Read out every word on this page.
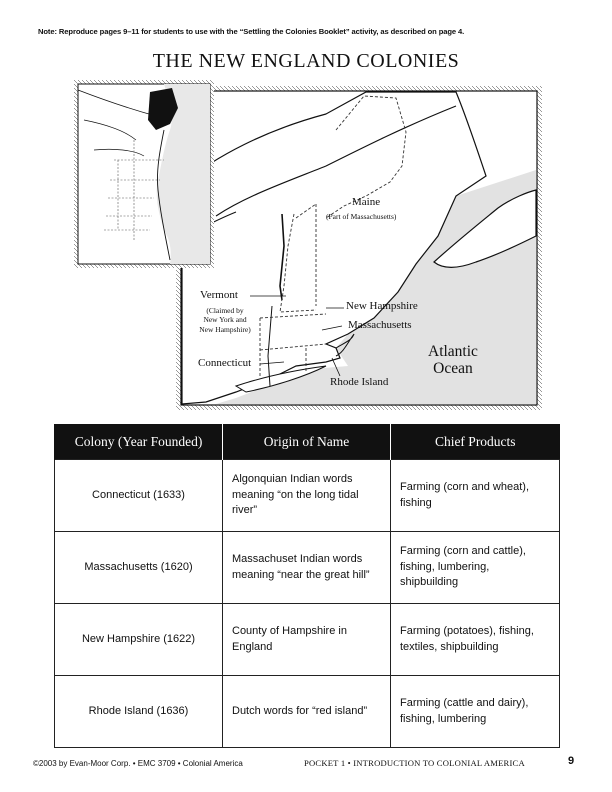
Note: Reproduce pages 9–11 for students to use with the “Settling the Colonies Booklet” activity, as described on page 4.
THE NEW ENGLAND COLONIES
Maine
(Part of Massachusetts)
Vermont
(Claimed by
New York and
New Hampshire)
New Hampshire
Massachusetts
Connecticut
Rhode Island
Atlantic
Ocean
Colony (Year Founded)	Origin of Name	Chief Products
Connecticut (1633)	Algonquian Indian words meaning “on the long tidal river”	Farming (corn and wheat), fishing
Massachusetts (1620)	Massachuset Indian words meaning “near the great hill”	Farming (corn and cattle), fishing, lumbering, shipbuilding
New Hampshire (1622)	County of Hampshire in England	Farming (potatoes), fishing, textiles, shipbuilding
Rhode Island (1636)	Dutch words for “red island”	Farming (cattle and dairy), fishing, lumbering
©2003 by Evan-Moor Corp. • EMC 3709 • Colonial America	POCKET 1 • INTRODUCTION TO COLONIAL AMERICA	9
